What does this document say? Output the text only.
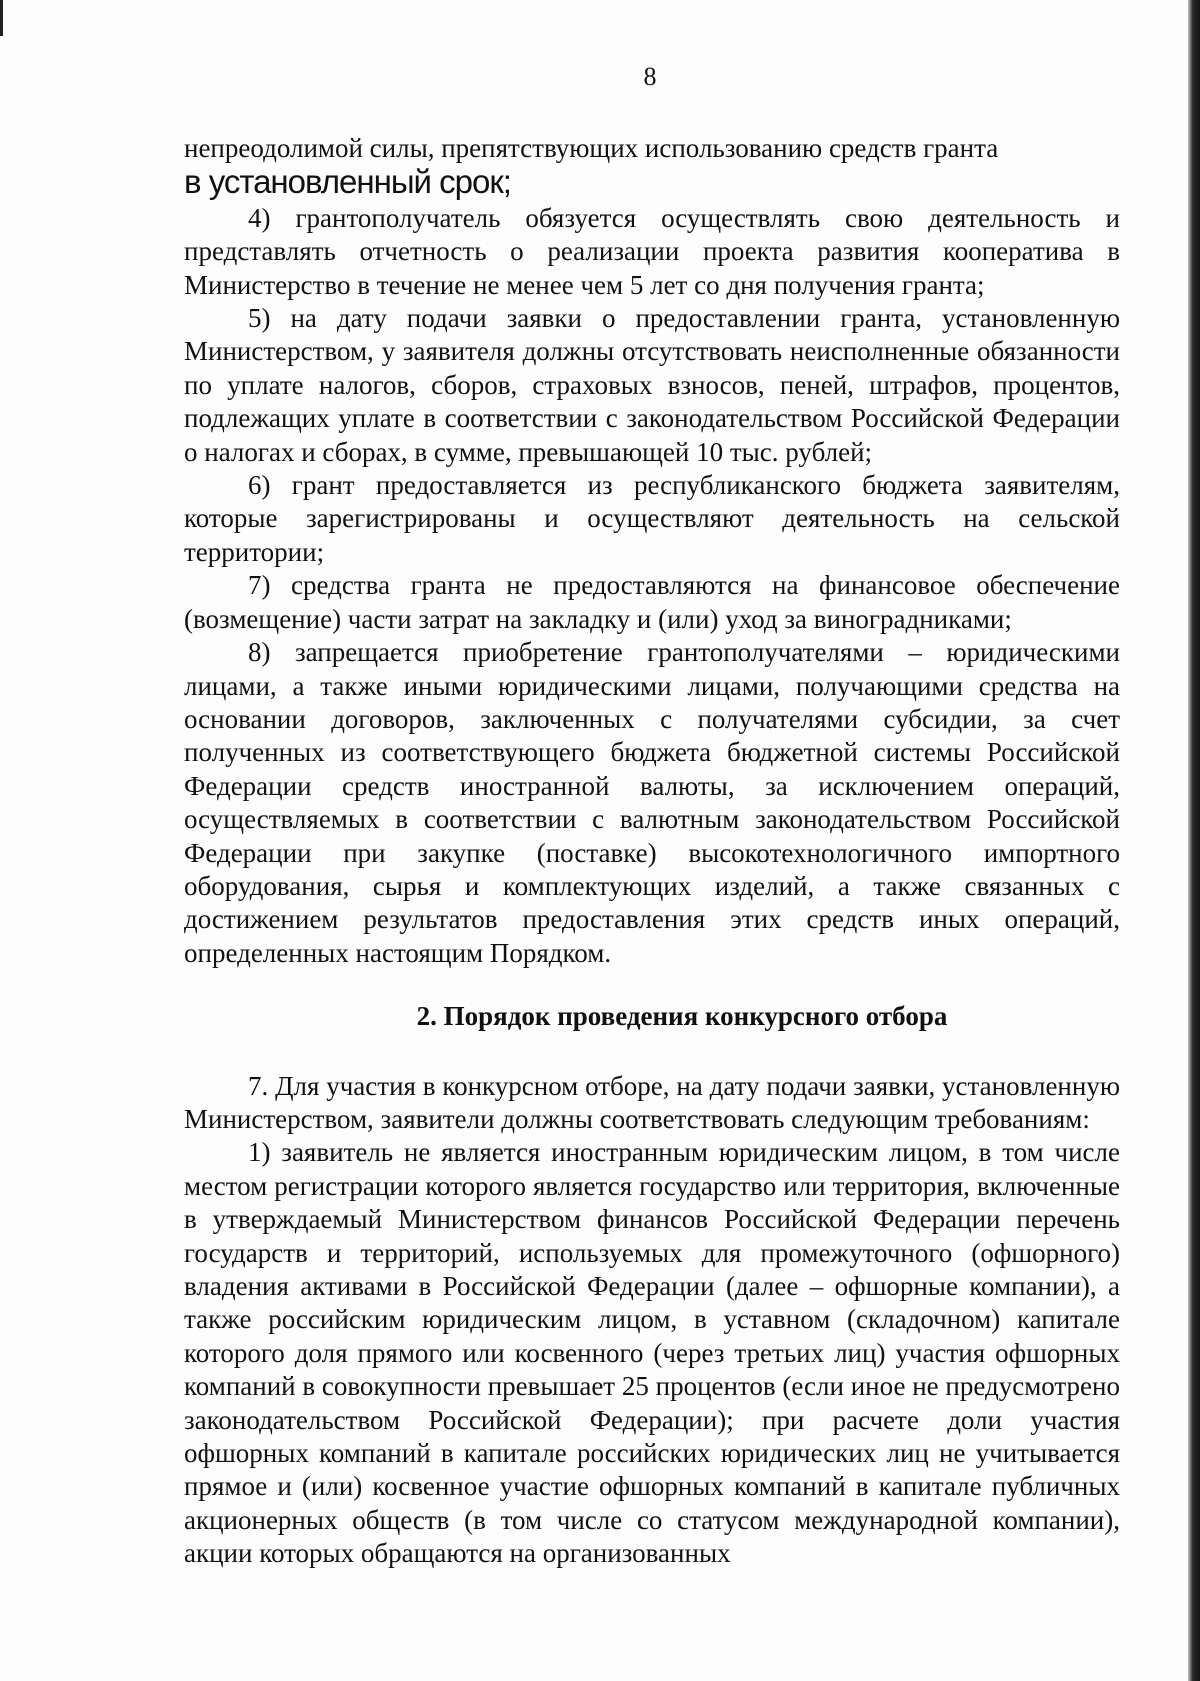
8

непреодолимой силы, препятствующих использованию средств гранта
в установленный срок;

4) грантополучатель обязуется осуществлять свою деятельность и представлять отчетность о реализации проекта развития кооператива в Министерство в течение не менее чем 5 лет со дня получения гранта;

5) на дату подачи заявки о предоставлении гранта, установленную Министерством, у заявителя должны отсутствовать неисполненные обязанности по уплате налогов, сборов, страховых взносов, пеней, штрафов, процентов, подлежащих уплате в соответствии с законодательством Российской Федерации о налогах и сборах, в сумме, превышающей 10 тыс. рублей;

6) грант предоставляется из республиканского бюджета заявителям, которые зарегистрированы и осуществляют деятельность на сельской территории;

7) средства гранта не предоставляются на финансовое обеспечение (возмещение) части затрат на закладку и (или) уход за виноградниками;

8) запрещается приобретение грантополучателями – юридическими лицами, а также иными юридическими лицами, получающими средства на основании договоров, заключенных с получателями субсидии, за счет полученных из соответствующего бюджета бюджетной системы Российской Федерации средств иностранной валюты, за исключением операций, осуществляемых в соответствии с валютным законодательством Российской Федерации при закупке (поставке) высокотехнологичного импортного оборудования, сырья и комплектующих изделий, а также связанных с достижением результатов предоставления этих средств иных операций, определенных настоящим Порядком.

2. Порядок проведения конкурсного отбора

7. Для участия в конкурсном отборе, на дату подачи заявки, установленную Министерством, заявители должны соответствовать следующим требованиям:

1) заявитель не является иностранным юридическим лицом, в том числе местом регистрации которого является государство или территория, включенные в утверждаемый Министерством финансов Российской Федерации перечень государств и территорий, используемых для промежуточного (офшорного) владения активами в Российской Федерации (далее – офшорные компании), а также российским юридическим лицом, в уставном (складочном) капитале которого доля прямого или косвенного (через третьих лиц) участия офшорных компаний в совокупности превышает 25 процентов (если иное не предусмотрено законодательством Российской Федерации); при расчете доли участия офшорных компаний в капитале российских юридических лиц не учитывается прямое и (или) косвенное участие офшорных компаний в капитале публичных акционерных обществ (в том числе со статусом международной компании), акции которых обращаются на организованных
